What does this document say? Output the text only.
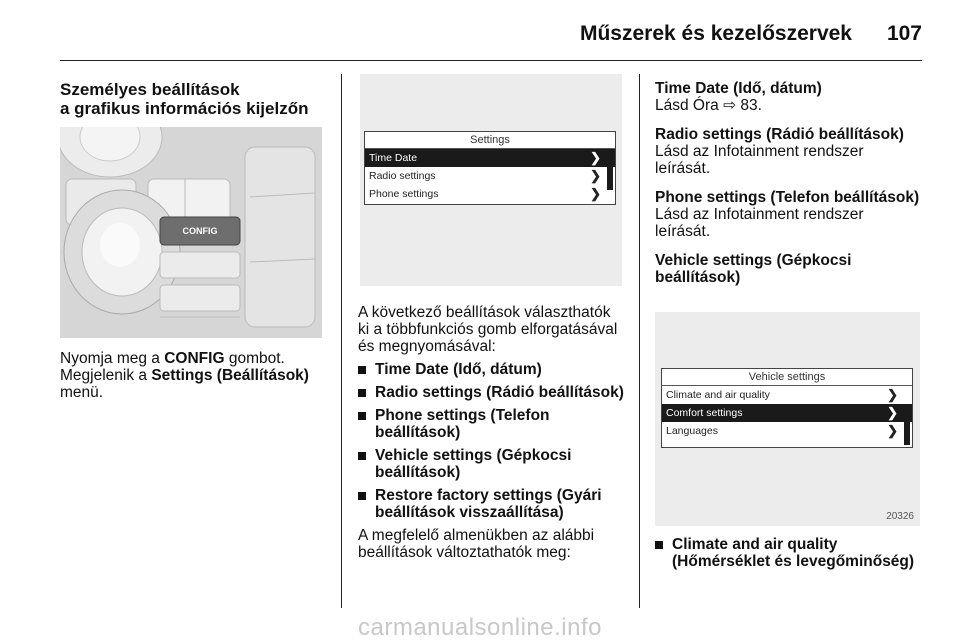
Műszerek és kezelőszervek 107

Személyes beállítások

a grafikus információs kijelzőn

CONFIG

Nyomja meg a CONFIG gombot.

Megjelenik a Settings (Beállítások)

menü.

Settings
Time Date	❯
Radio settings	❯
Phone settings	❯

A következő beállítások választhatók

ki a többfunkciós gomb elforgatásával

és megnyomásával:

Time Date (Idő, dátum)
Radio settings (Rádió beállítások)
Phone settings (Telefon
beállítások)
Vehicle settings (Gépkocsi
beállítások)
Restore factory settings (Gyári
beállítások visszaállítása)

A megfelelő almenükben az alábbi

beállítások változtathatók meg:

Time Date (Idő, dátum)

Lásd Óra ⇨ 83.

Radio settings (Rádió beállítások)

Lásd az Infotainment rendszer

leírását.

Phone settings (Telefon beállítások)

Lásd az Infotainment rendszer

leírását.

Vehicle settings (Gépkocsi

beállítások)

Vehicle settings
Climate and air quality	❯
Comfort settings	❯
Languages	❯
20326
Climate and air quality
(Hőmérséklet és levegőminőség)
carmanualsonline.info
